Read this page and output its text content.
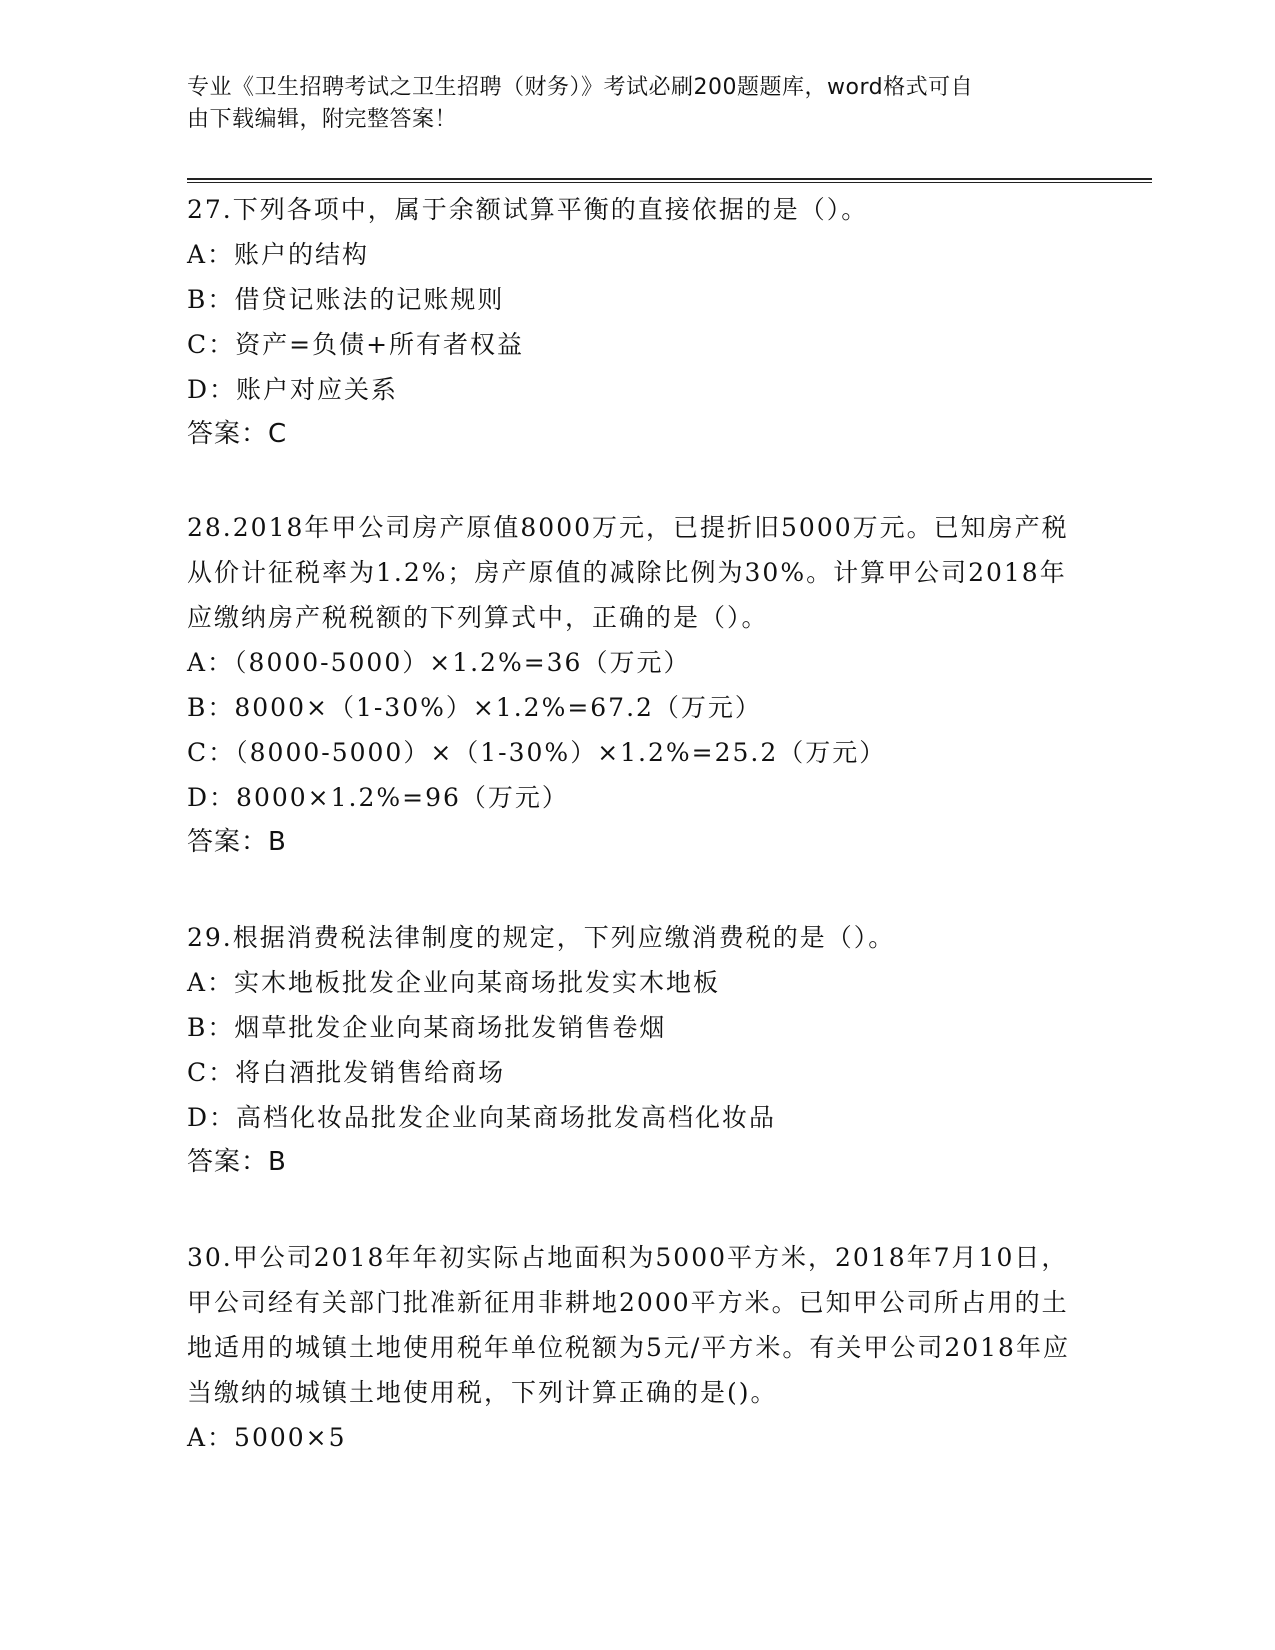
专业《卫生招聘考试之卫生招聘（财务）》考试必刷200题题库，word格式可自
由下载编辑，附完整答案！

27.下列各项中，属于余额试算平衡的直接依据的是（）。

A：账户的结构

B：借贷记账法的记账规则

C：资产=负债+所有者权益

D：账户对应关系

答案：C

28.2018年甲公司房产原值8000万元，已提折旧5000万元。已知房产税从价计征税率为1.2%；房产原值的减除比例为30%。计算甲公司2018年应缴纳房产税税额的下列算式中，正确的是（）。

A：（8000-5000）×1.2%=36（万元）

B：8000×（1-30%）×1.2%=67.2（万元）

C：（8000-5000）×（1-30%）×1.2%=25.2（万元）

D：8000×1.2%=96（万元）

答案：B

29.根据消费税法律制度的规定，下列应缴消费税的是（）。

A：实木地板批发企业向某商场批发实木地板

B：烟草批发企业向某商场批发销售卷烟

C：将白酒批发销售给商场

D：高档化妆品批发企业向某商场批发高档化妆品

答案：B

30.甲公司2018年年初实际占地面积为5000平方米，2018年7月10日，甲公司经有关部门批准新征用非耕地2000平方米。已知甲公司所占用的土地适用的城镇土地使用税年单位税额为5元/平方米。有关甲公司2018年应当缴纳的城镇土地使用税，下列计算正确的是()。

A：5000×5
